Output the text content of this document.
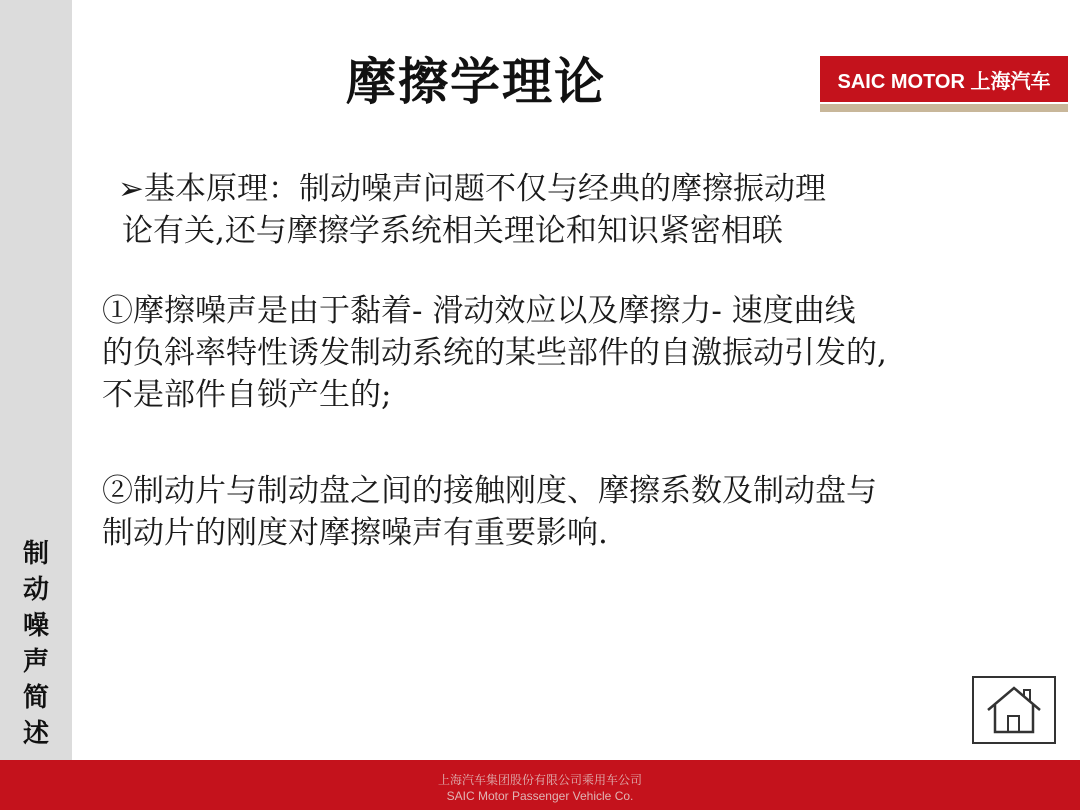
制
动
噪
声
简
述
摩擦学理论	SAIC MOTOR 上海汽车

➢基本原理：制动噪声问题不仅与经典的摩擦振动理

论有关,还与摩擦学系统相关理论和知识紧密相联

①摩擦噪声是由于黏着- 滑动效应以及摩擦力- 速度曲线

的负斜率特性诱发制动系统的某些部件的自激振动引发的,

不是部件自锁产生的;

②制动片与制动盘之间的接触刚度、摩擦系数及制动盘与

制动片的刚度对摩擦噪声有重要影响.

上海汽车集团股份有限公司乘用车公司
SAIC Motor Passenger Vehicle Co.
